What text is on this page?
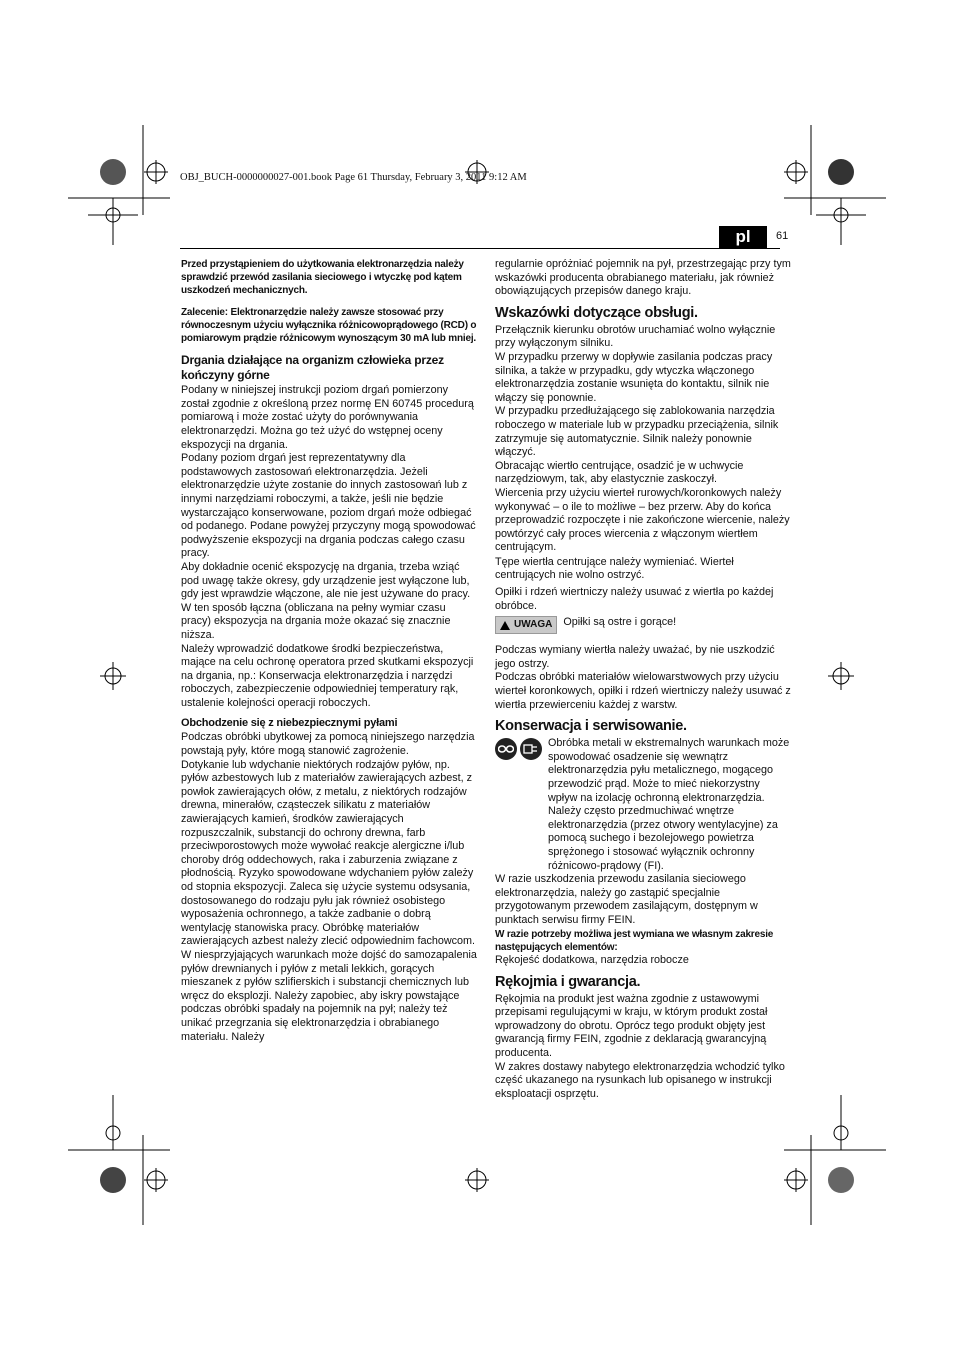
OBJ_BUCH-0000000027-001.book Page 61 Thursday, February 3, 2011 9:12 AM
pl	61

Przed przystąpieniem do użytkowania elektronarzędzia należy sprawdzić przewód zasilania sieciowego i wtyczkę pod kątem uszkodzeń mechanicznych.

Zalecenie: Elektronarzędzie należy zawsze stosować przy równoczesnym użyciu wyłącznika różnicowoprądowego (RCD) o pomiarowym prądzie różnicowym wynoszącym 30 mA lub mniej.

Drgania działające na organizm człowieka przez kończyny górne

Podany w niniejszej instrukcji poziom drgań pomierzony został zgodnie z określoną przez normę EN 60745 procedurą pomiarową i może zostać użyty do porównywania elektronarzędzi. Można go też użyć do wstępnej oceny ekspozycji na drgania.

Podany poziom drgań jest reprezentatywny dla podstawowych zastosowań elektronarzędzia. Jeżeli elektronarzędzie użyte zostanie do innych zastosowań lub z innymi narzędziami roboczymi, a także, jeśli nie będzie wystarczająco konserwowane, poziom drgań może odbiegać od podanego. Podane powyżej przyczyny mogą spowodować podwyższenie ekspozycji na drgania podczas całego czasu pracy.

Aby dokładnie ocenić ekspozycję na drgania, trzeba wziąć pod uwagę także okresy, gdy urządzenie jest wyłączone lub, gdy jest wprawdzie włączone, ale nie jest używane do pracy. W ten sposób łączna (obliczana na pełny wymiar czasu pracy) ekspozycja na drgania może okazać się znacznie niższa.

Należy wprowadzić dodatkowe środki bezpieczeństwa, mające na celu ochronę operatora przed skutkami ekspozycji na drgania, np.: Konserwacja elektronarzędzia i narzędzi roboczych, zabezpieczenie odpowiedniej temperatury rąk, ustalenie kolejności operacji roboczych.

Obchodzenie się z niebezpiecznymi pyłami

Podczas obróbki ubytkowej za pomocą niniejszego narzędzia powstają pyły, które mogą stanowić zagrożenie.

Dotykanie lub wdychanie niektórych rodzajów pyłów, np. pyłów azbestowych lub z materiałów zawierających azbest, z powłok zawierających ołów, z metalu, z niektórych rodzajów drewna, minerałów, cząsteczek silikatu z materiałów zawierających kamień, środków zawierających rozpuszczalnik, substancji do ochrony drewna, farb przeciwporostowych może wywołać reakcje alergiczne i/lub choroby dróg oddechowych, raka i zaburzenia związane z płodnością. Ryzyko spowodowane wdychaniem pyłów zależy od stopnia ekspozycji. Zaleca się użycie systemu odsysania, dostosowanego do rodzaju pyłu jak również osobistego wyposażenia ochronnego, a także zadbanie o dobrą wentylację stanowiska pracy. Obróbkę materiałów zawierających azbest należy zlecić odpowiednim fachowcom.

W niesprzyjających warunkach może dojść do samozapalenia pyłów drewnianych i pyłów z metali lekkich, gorących mieszanek z pyłów szlifierskich i substancji chemicznych lub wręcz do eksplozji. Należy zapobiec, aby iskry powstające podczas obróbki spadały na pojemnik na pył; należy też unikać przegrzania się elektronarzędzia i obrabianego materiału. Należy

regularnie opróżniać pojemnik na pył, przestrzegając przy tym wskazówki producenta obrabianego materiału, jak również obowiązujących przepisów danego kraju.

Wskazówki dotyczące obsługi.

Przełącznik kierunku obrotów uruchamiać wolno wyłącznie przy wyłączonym silniku.

W przypadku przerwy w dopływie zasilania podczas pracy silnika, a także w przypadku, gdy wtyczka włączonego elektronarzędzia zostanie wsunięta do kontaktu, silnik nie włączy się ponownie.

W przypadku przedłużającego się zablokowania narzędzia roboczego w materiale lub w przypadku przeciążenia, silnik zatrzymuje się automatycznie. Silnik należy ponownie włączyć.

Obracając wiertło centrujące, osadzić je w uchwycie narzędziowym, tak, aby elastycznie zaskoczył.

Wiercenia przy użyciu wierteł rurowych/koronkowych należy wykonywać – o ile to możliwe – bez przerw. Aby do końca przeprowadzić rozpoczęte i nie zakończone wiercenie, należy powtórzyć cały proces wiercenia z włączonym wiertłem centrującym.

Tępe wiertła centrujące należy wymieniać. Wierteł centrujących nie wolno ostrzyć.

Opiłki i rdzeń wiertniczy należy usuwać z wiertła po każdej obróbce.

UWAGA Opiłki są ostre i gorące!

Podczas wymiany wiertła należy uważać, by nie uszkodzić jego ostrzy.

Podczas obróbki materiałów wielowarstwowych przy użyciu wierteł koronkowych, opiłki i rdzeń wiertniczy należy usuwać z wiertła przewierceniu każdej z warstw.

Konserwacja i serwisowanie.

Obróbka metali w ekstremalnych warunkach może spowodować osadzenie się wewnątrz elektronarzędzia pyłu metalicznego, mogącego przewodzić prąd. Może to mieć niekorzystny wpływ na izolację ochronną elektronarzędzia. Należy często przedmuchiwać wnętrze elektronarzędzia (przez otwory wentylacyjne) za pomocą suchego i bezolejowego powietrza sprężonego i stosować wyłącznik ochronny różnicowo-prądowy (FI).

W razie uszkodzenia przewodu zasilania sieciowego elektronarzędzia, należy go zastąpić specjalnie przygotowanym przewodem zasilającym, dostępnym w punktach serwisu firmy FEIN.

W razie potrzeby możliwa jest wymiana we własnym zakresie następujących elementów:

Rękojeść dodatkowa, narzędzia robocze

Rękojmia i gwarancja.

Rękojmia na produkt jest ważna zgodnie z ustawowymi przepisami regulującymi w kraju, w którym produkt został wprowadzony do obrotu. Oprócz tego produkt objęty jest gwarancją firmy FEIN, zgodnie z deklaracją gwarancyjną producenta.

W zakres dostawy nabytego elektronarzędzia wchodzić tylko część ukazanego na rysunkach lub opisanego w instrukcji eksploatacji osprzętu.
